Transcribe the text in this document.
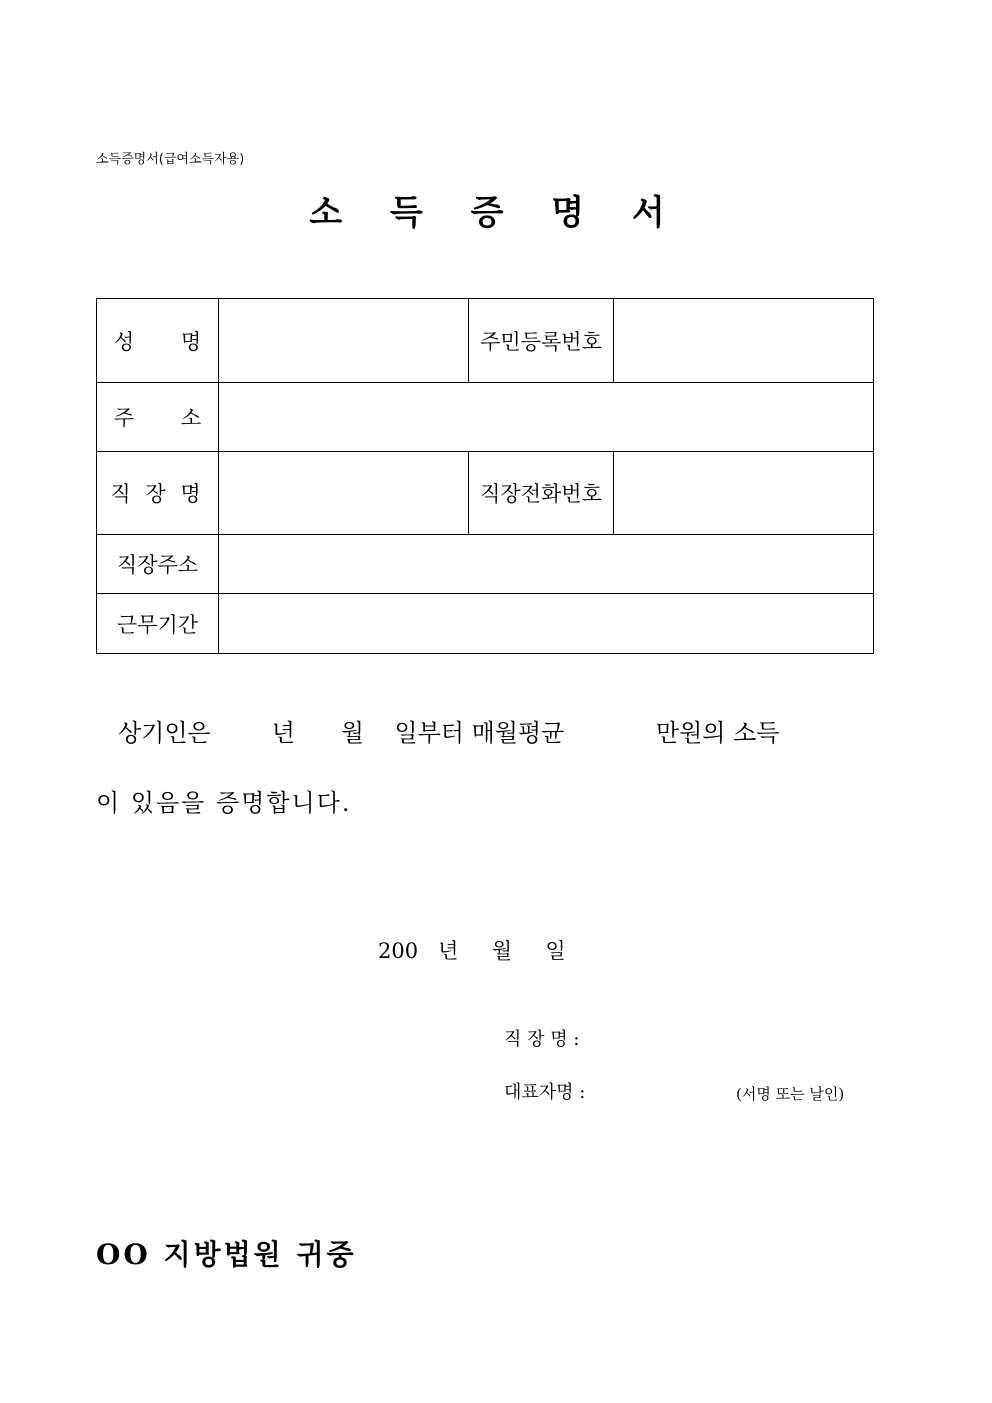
소득증명서(급여소득자용)
소 득 증 명 서
성 명		주민등록번호	
주 소			
직 장 명		직장전화번호	
직장주소			
근무기간			
상기인은        년      월    일부터 매월평균            만원의 소득
이 있음을 증명합니다.
200   년     월     일
직 장 명 :
대표자명 :	(서명 또는 날인)
OO 지방법원 귀중
